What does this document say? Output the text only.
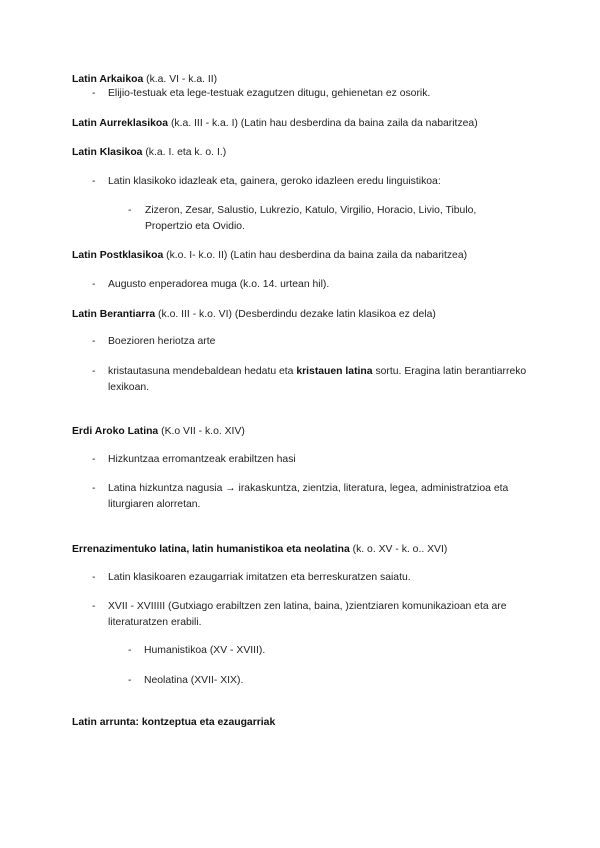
Latin Arkaikoa (k.a. VI - k.a. II)
-	Elijio-testuak eta lege-testuak ezagutzen ditugu, gehienetan ez osorik.
Latin Aurreklasikoa (k.a. III - k.a. I) (Latin hau desberdina da baina zaila da nabaritzea)
Latin Klasikoa (k.a. I. eta k. o. I.)
-	Latin klasikoko idazleak eta, gainera, geroko idazleen eredu linguistikoa:
-	Zizeron, Zesar, Salustio, Lukrezio, Katulo, Virgilio, Horacio, Livio, Tibulo, Propertzio eta Ovidio.
Latin Postklasikoa (k.o. I- k.o. II) (Latin hau desberdina da baina zaila da nabaritzea)
-	Augusto enperadorea muga (k.o. 14. urtean hil).
Latin Berantiarra (k.o. III - k.o. VI) (Desberdindu dezake latin klasikoa ez dela)
-	Boezioren heriotza arte
-	kristautasuna mendebaldean hedatu eta kristauen latina sortu. Eragina latin berantiarreko lexikoan.
Erdi Aroko Latina (K.o VII - k.o. XIV)
-	Hizkuntzaa erromantzeak erabiltzen hasi
-	Latina hizkuntza nagusia → irakaskuntza, zientzia, literatura, legea, administratzioa eta liturgiaren alorretan.
Errenazimentuko latina, latin humanistikoa eta neolatina (k. o. XV - k. o.. XVI)
-	Latin klasikoaren ezaugarriak imitatzen eta berreskuratzen saiatu.
-	XVII - XVIIIII (Gutxiago erabiltzen zen latina, baina, )zientziaren komunikazioan eta are literaturatzen erabili.
-	Humanistikoa (XV - XVIII).
-	Neolatina (XVII- XIX).
Latin arrunta: kontzeptua eta ezaugarriak
